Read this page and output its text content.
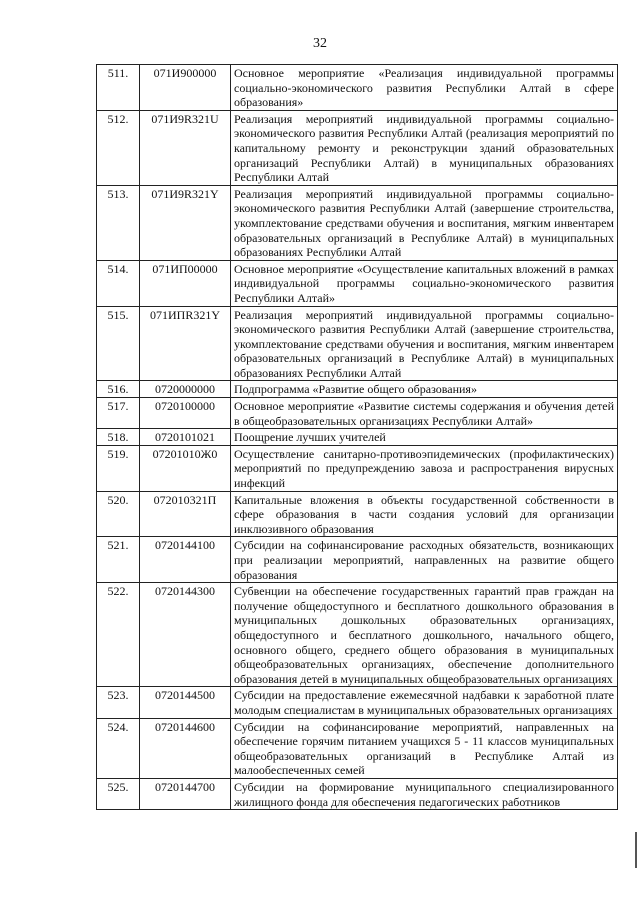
32
511.	071И900000	Основное мероприятие «Реализация индивидуальной программы социально-экономического развития Республики Алтай в сфере образования»
512.	071И9R321U	Реализация мероприятий индивидуальной программы социально-экономического развития Республики Алтай (реализация мероприятий по капитальному ремонту и реконструкции зданий образовательных организаций Республики Алтай) в муниципальных образованиях Республики Алтай
513.	071И9R321Y	Реализация мероприятий индивидуальной программы социально-экономического развития Республики Алтай (завершение строительства, укомплектование средствами обучения и воспитания, мягким инвентарем образовательных организаций в Республике Алтай) в муниципальных образованиях Республики Алтай
514.	071ИП00000	Основное мероприятие «Осуществление капитальных вложений в рамках индивидуальной программы социально-экономического развития Республики Алтай»
515.	071ИПR321Y	Реализация мероприятий индивидуальной программы социально-экономического развития Республики Алтай (завершение строительства, укомплектование средствами обучения и воспитания, мягким инвентарем образовательных организаций в Республике Алтай) в муниципальных образованиях Республики Алтай
516.	0720000000	Подпрограмма «Развитие общего образования»
517.	0720100000	Основное мероприятие «Развитие системы содержания и обучения детей в общеобразовательных организациях Республики Алтай»
518.	0720101021	Поощрение лучших учителей
519.	07201010Ж0	Осуществление санитарно-противоэпидемических (профилактических) мероприятий по предупреждению завоза и распространения вирусных инфекций
520.	072010321П	Капитальные вложения в объекты государственной собственности в сфере образования в части создания условий для организации инклюзивного образования
521.	0720144100	Субсидии на софинансирование расходных обязательств, возникающих при реализации мероприятий, направленных на развитие общего образования
522.	0720144300	Субвенции на обеспечение государственных гарантий прав граждан на получение общедоступного и бесплатного дошкольного образования в муниципальных дошкольных образовательных организациях, общедоступного и бесплатного дошкольного, начального общего, основного общего, среднего общего образования в муниципальных общеобразовательных организациях, обеспечение дополнительного образования детей в муниципальных общеобразовательных организациях
523.	0720144500	Субсидии на предоставление ежемесячной надбавки к заработной плате молодым специалистам в муниципальных образовательных организациях
524.	0720144600	Субсидии на софинансирование мероприятий, направленных на обеспечение горячим питанием учащихся 5 - 11 классов муниципальных общеобразовательных организаций в Республике Алтай из малообеспеченных семей
525.	0720144700	Субсидии на формирование муниципального специализированного жилищного фонда для обеспечения педагогических работников
